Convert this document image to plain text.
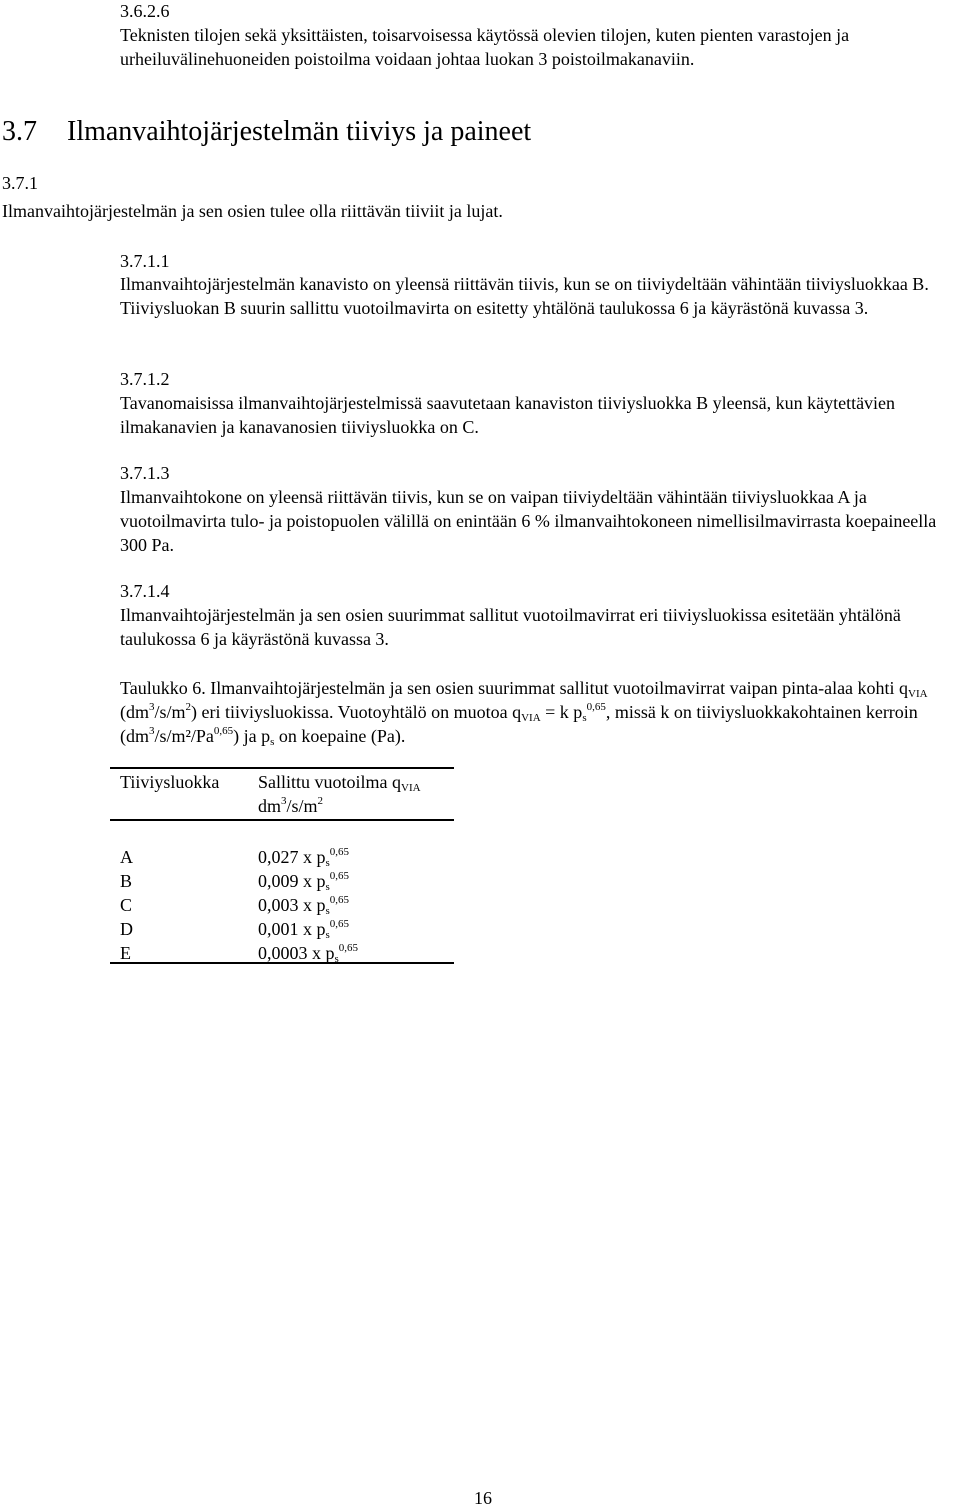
3.6.2.6
Teknisten tilojen sekä yksittäisten, toisarvoisessa käytössä olevien tilojen, kuten pienten varastojen ja urheiluvälinehuoneiden poistoilma voidaan johtaa luokan 3 poistoilmakanaviin.
3.7 Ilmanvaihtojärjestelmän tiiviys ja paineet
3.7.1
Ilmanvaihtojärjestelmän ja sen osien tulee olla riittävän tiiviit ja lujat.
3.7.1.1
Ilmanvaihtojärjestelmän kanavisto on yleensä riittävän tiivis, kun se on tiiviydeltään vähintään tiiviysluokkaa B. Tiiviysluokan B suurin sallittu vuotoilmavirta on esitetty yhtälönä taulukossa 6 ja käyrästönä kuvassa 3.
3.7.1.2
Tavanomaisissa ilmanvaihtojärjestelmissä saavutetaan kanaviston tiiviysluokka B yleensä, kun käytettävien ilmakanavien ja kanavanosien tiiviysluokka on C.
3.7.1.3
Ilmanvaihtokone on yleensä riittävän tiivis, kun se on vaipan tiiviydeltään vähintään tiiviysluokkaa A ja vuotoilmavirta tulo- ja poistopuolen välillä on enintään 6 % ilmanvaihtokoneen nimellisilmavirrasta koepaineella 300 Pa.
3.7.1.4
Ilmanvaihtojärjestelmän ja sen osien suurimmat sallitut vuotoilmavirrat eri tiiviysluokissa esitetään yhtälönä taulukossa 6 ja käyrästönä kuvassa 3.
Taulukko 6. Ilmanvaihtojärjestelmän ja sen osien suurimmat sallitut vuotoilmavirrat vaipan pinta-alaa kohti $q_{VIA}$ $(dm^3/s/m^2)$ eri tiiviysluokissa. Vuotoyhtälö on muotoa $q_{VIA} = k$ $p_s^{0,65}$, missä k on tiiviysluokkakohtainen kerroin $(dm^3/s/m^2/Pa^{0,65})$ ja $p_s$ on koepaine (Pa).
Tiiviysluokka Sallittu vuotoilma $q_{VIA}$
$dm^3/s/m^2$
A
B
C
D
E
0,027 x $p_s^{0,65}$
0,009 x $p_s^{0,65}$
0,003 x $p_s^{0,65}$
0,001 x $p_s^{0,65}$
0,0003 x $p_s^{0,65}$
16
